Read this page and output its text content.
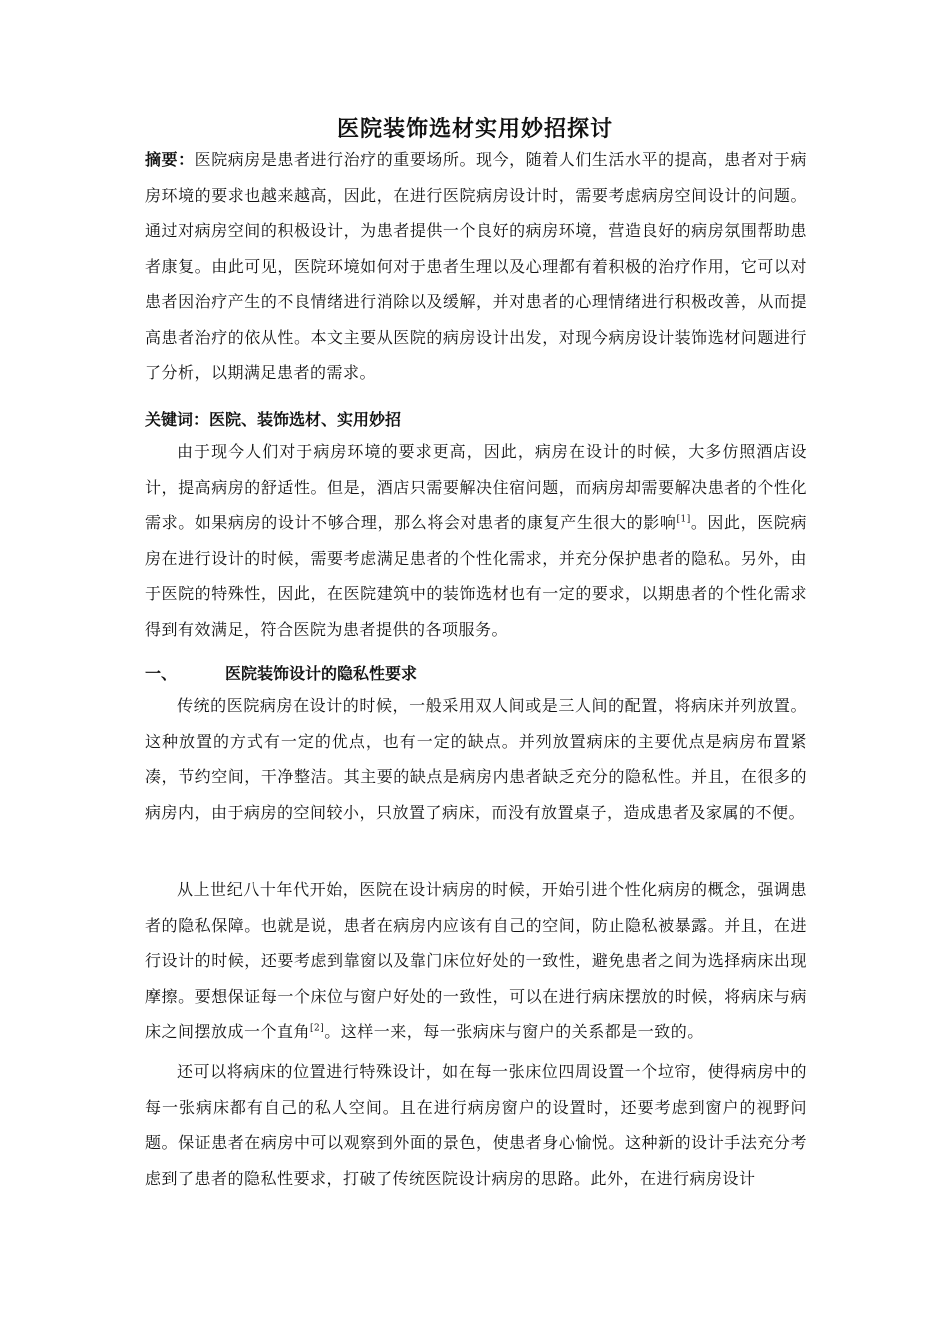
医院装饰选材实用妙招探讨
摘要：医院病房是患者进行治疗的重要场所。现今，随着人们生活水平的提高，患者对于病房环境的要求也越来越高，因此，在进行医院病房设计时，需要考虑病房空间设计的问题。通过对病房空间的积极设计，为患者提供一个良好的病房环境，营造良好的病房氛围帮助患者康复。由此可见，医院环境如何对于患者生理以及心理都有着积极的治疗作用，它可以对患者因治疗产生的不良情绪进行消除以及缓解，并对患者的心理情绪进行积极改善，从而提高患者治疗的依从性。本文主要从医院的病房设计出发，对现今病房设计装饰选材问题进行了分析，以期满足患者的需求。
关键词：医院、装饰选材、实用妙招
由于现今人们对于病房环境的要求更高，因此，病房在设计的时候，大多仿照酒店设计，提高病房的舒适性。但是，酒店只需要解决住宿问题，而病房却需要解决患者的个性化需求。如果病房的设计不够合理，那么将会对患者的康复产生很大的影响[1]。因此，医院病房在进行设计的时候，需要考虑满足患者的个性化需求，并充分保护患者的隐私。另外，由于医院的特殊性，因此，在医院建筑中的装饰选材也有一定的要求，以期患者的个性化需求得到有效满足，符合医院为患者提供的各项服务。
一、	医院装饰设计的隐私性要求
传统的医院病房在设计的时候，一般采用双人间或是三人间的配置，将病床并列放置。这种放置的方式有一定的优点，也有一定的缺点。并列放置病床的主要优点是病房布置紧凑，节约空间，干净整洁。其主要的缺点是病房内患者缺乏充分的隐私性。并且，在很多的病房内，由于病房的空间较小，只放置了病床，而没有放置桌子，造成患者及家属的不便。
从上世纪八十年代开始，医院在设计病房的时候，开始引进个性化病房的概念，强调患者的隐私保障。也就是说，患者在病房内应该有自己的空间，防止隐私被暴露。并且，在进行设计的时候，还要考虑到靠窗以及靠门床位好处的一致性，避免患者之间为选择病床出现摩擦。要想保证每一个床位与窗户好处的一致性，可以在进行病床摆放的时候，将病床与病床之间摆放成一个直角[2]。这样一来，每一张病床与窗户的关系都是一致的。
还可以将病床的位置进行特殊设计，如在每一张床位四周设置一个垃帘，使得病房中的每一张病床都有自己的私人空间。且在进行病房窗户的设置时，还要考虑到窗户的视野问题。保证患者在病房中可以观察到外面的景色，使患者身心愉悦。这种新的设计手法充分考虑到了患者的隐私性要求，打破了传统医院设计病房的思路。此外，在进行病房设计
